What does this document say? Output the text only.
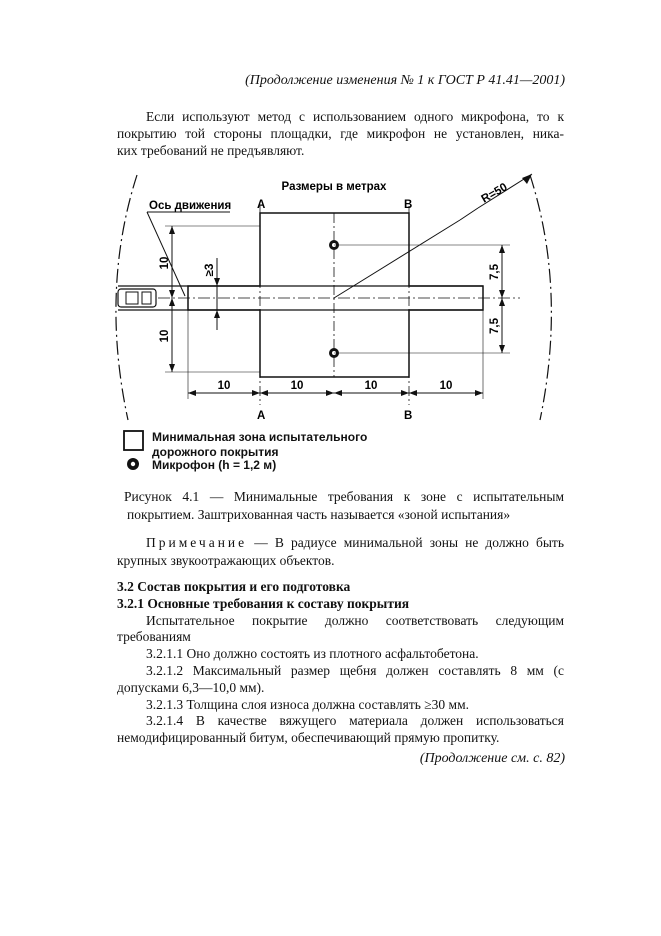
(Продолжение изменения № 1 к ГОСТ Р 41.41—2001)

Если используют метод с использованием одного микрофона, то к

покрытию той стороны площадки, где микрофон не установлен, ника-

ких требований не предъявляют.

Размеры в метрах
Ось движения A	B
A	B
R=50
10
10
≥3	7,5
7,5
10	10	10	10
Минимальная зона испытательного
дорожного покрытия
Микрофон (h = 1,2 м)

Рисунок 4.1 — Минимальные требования к зоне с испытательным

покрытием. Заштрихованная часть называется «зоной испытания»

Примечание — В радиусе минимальной зоны не должно быть крупных звукоотражающих объектов.

3.2 Состав покрытия и его подготовка

3.2.1 Основные требования к составу покрытия

Испытательное покрытие должно соответствовать следующим требованиям

3.2.1.1 Оно должно состоять из плотного асфальтобетона.

3.2.1.2 Максимальный размер щебня должен составлять 8 мм (с допусками 6,3—10,0 мм).

3.2.1.3 Толщина слоя износа должна составлять ≥30 мм.

3.2.1.4 В качестве вяжущего материала должен использоваться немодифицированный битум, обеспечивающий прямую пропитку.

(Продолжение см. с. 82)
